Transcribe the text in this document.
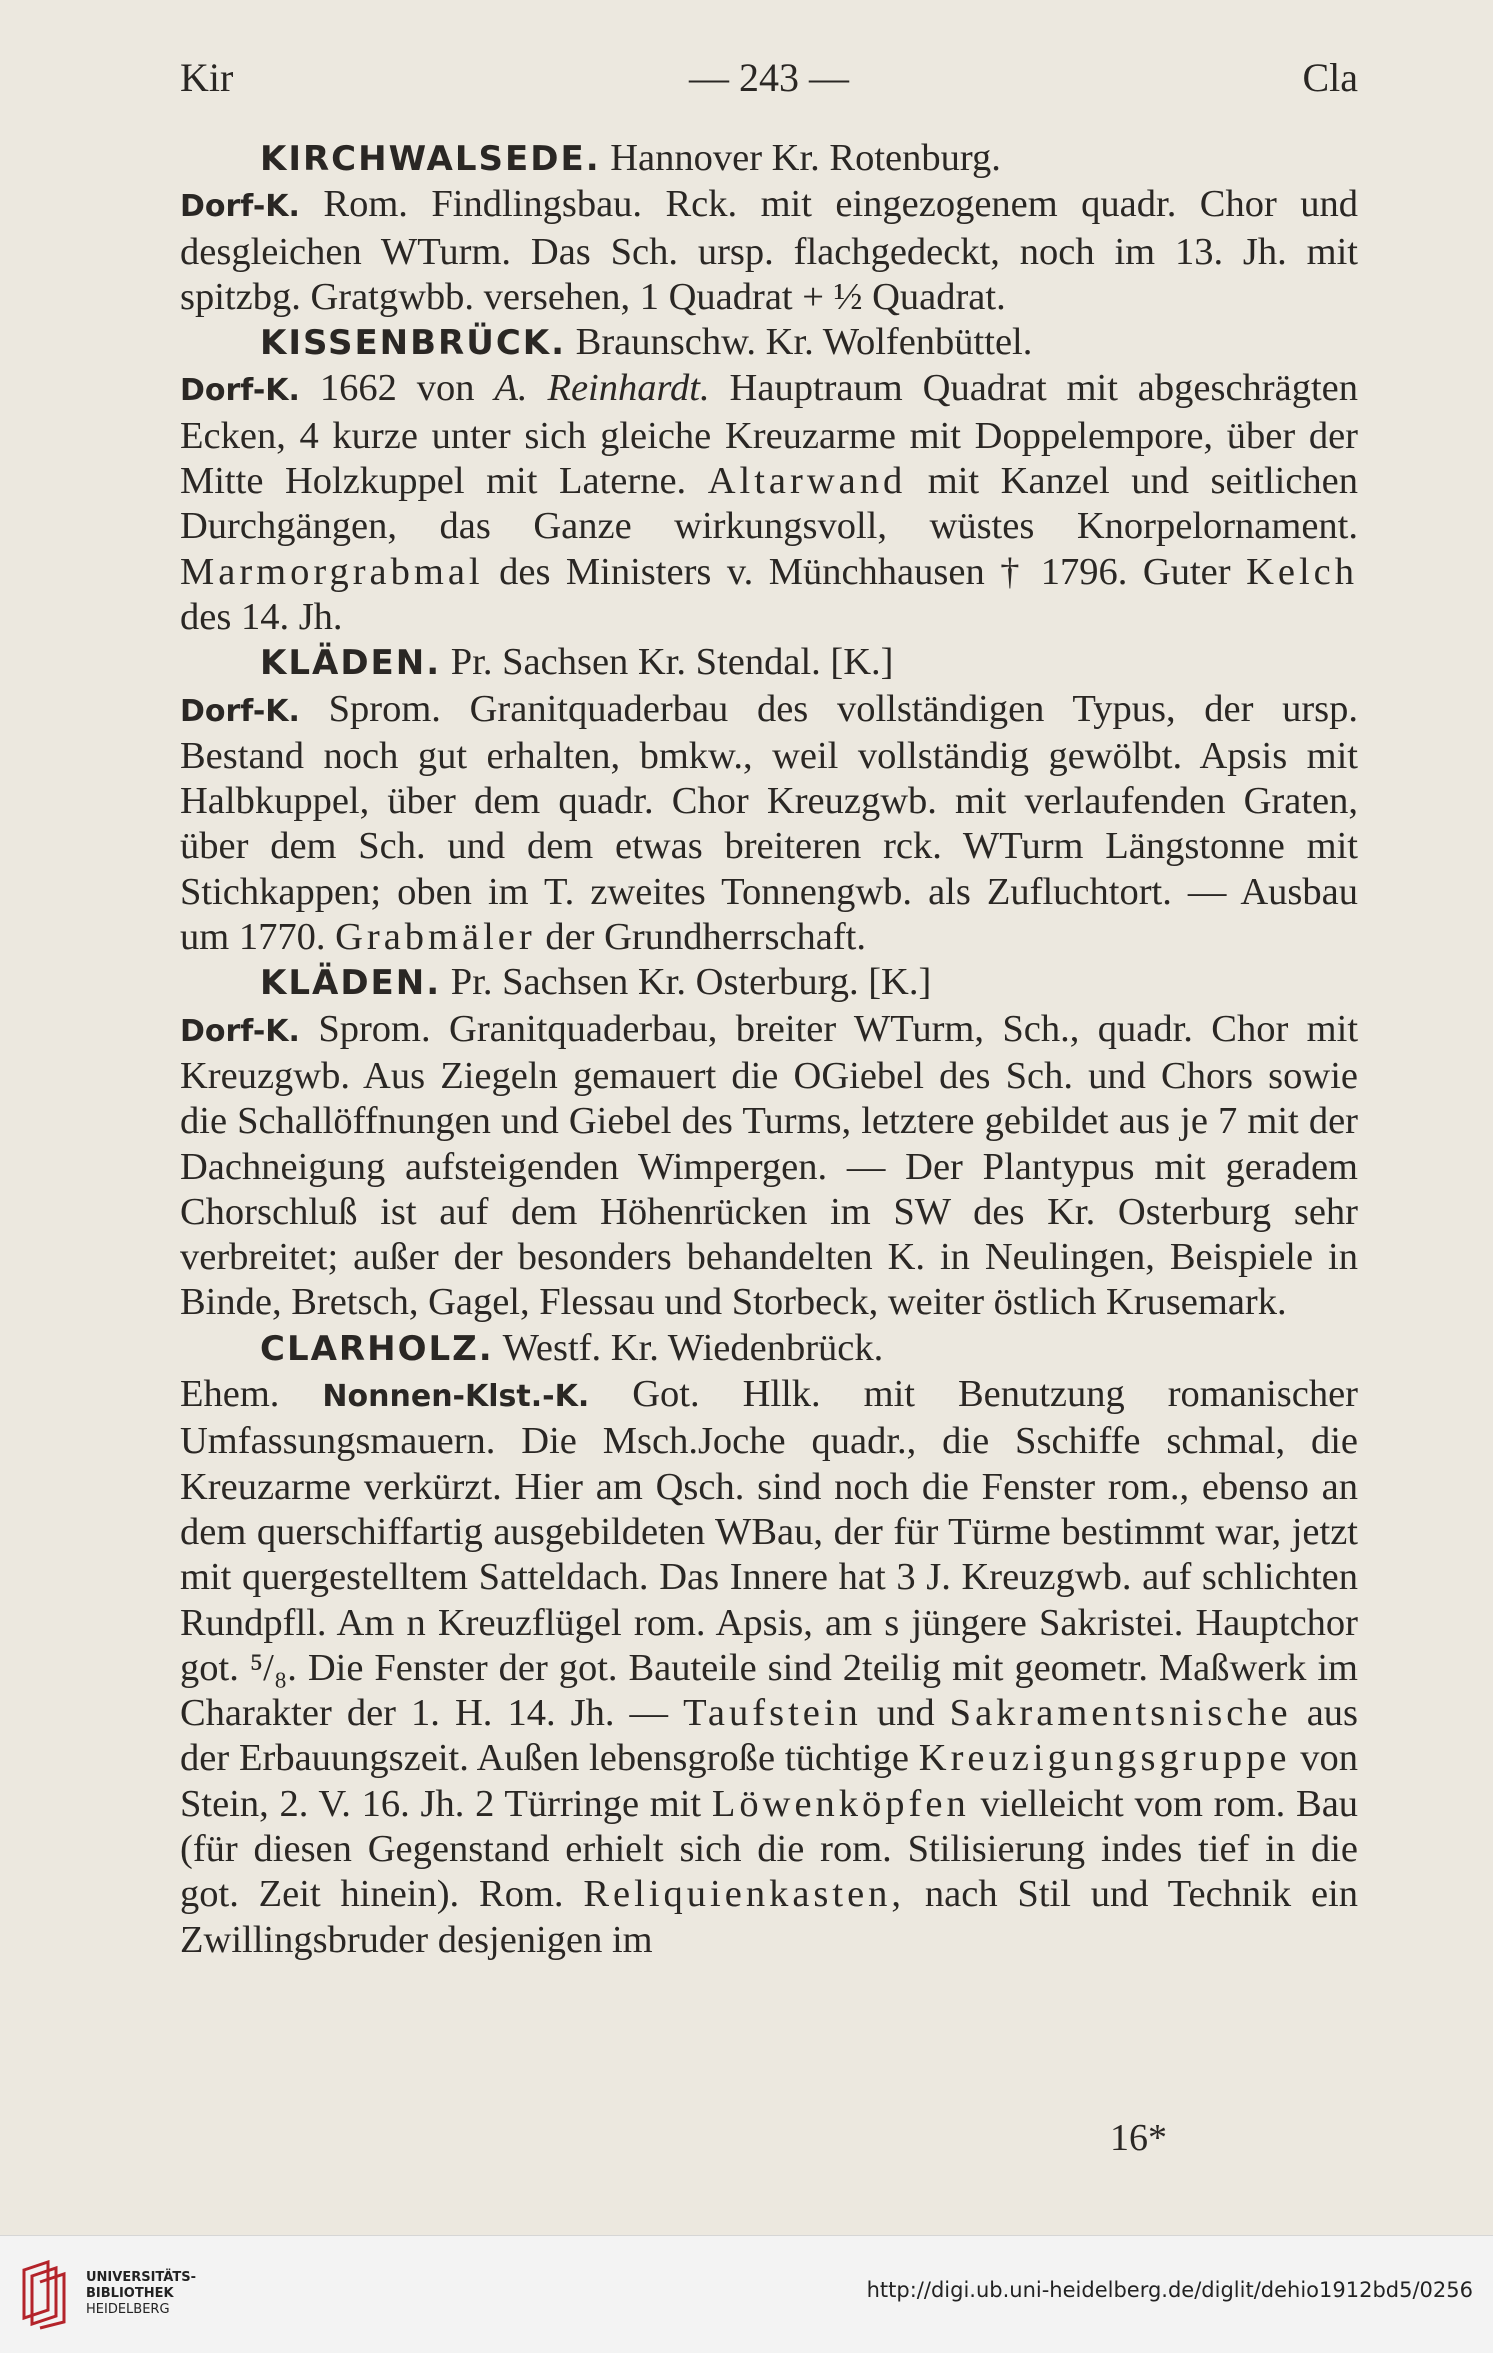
Kir	— 243 —	Cla

KIRCHWALSEDE. Hannover Kr. Rotenburg.

Dorf-K. Rom. Findlingsbau. Rck. mit eingezogenem quadr. Chor und desgleichen WTurm. Das Sch. ursp. flachgedeckt, noch im 13. Jh. mit spitzbg. Gratgwbb. versehen, 1 Quadrat + ½ Quadrat.

KISSENBRÜCK. Braunschw. Kr. Wolfenbüttel.

Dorf-K. 1662 von A. Reinhardt. Hauptraum Quadrat mit abgeschrägten Ecken, 4 kurze unter sich gleiche Kreuzarme mit Doppelempore, über der Mitte Holzkuppel mit Laterne. Altarwand mit Kanzel und seitlichen Durchgängen, das Ganze wirkungsvoll, wüstes Knorpelornament. Marmorgrabmal des Ministers v. Münchhausen † 1796. Guter Kelch des 14. Jh.

KLÄDEN. Pr. Sachsen Kr. Stendal. [K.]

Dorf-K. Sprom. Granitquaderbau des vollständigen Typus, der ursp. Bestand noch gut erhalten, bmkw., weil vollständig gewölbt. Apsis mit Halbkuppel, über dem quadr. Chor Kreuzgwb. mit verlaufenden Graten, über dem Sch. und dem etwas breiteren rck. WTurm Längstonne mit Stichkappen; oben im T. zweites Tonnengwb. als Zufluchtort. — Ausbau um 1770. Grabmäler der Grundherrschaft.

KLÄDEN. Pr. Sachsen Kr. Osterburg. [K.]

Dorf-K. Sprom. Granitquaderbau, breiter WTurm, Sch., quadr. Chor mit Kreuzgwb. Aus Ziegeln gemauert die OGiebel des Sch. und Chors sowie die Schallöffnungen und Giebel des Turms, letztere gebildet aus je 7 mit der Dachneigung aufsteigenden Wimpergen. — Der Plantypus mit geradem Chorschluß ist auf dem Höhenrücken im SW des Kr. Osterburg sehr verbreitet; außer der besonders behandelten K. in Neulingen, Beispiele in Binde, Bretsch, Gagel, Flessau und Storbeck, weiter östlich Krusemark.

CLARHOLZ. Westf. Kr. Wiedenbrück.

Ehem. Nonnen-Klst.-K. Got. Hllk. mit Benutzung romanischer Umfassungsmauern. Die Msch.Joche quadr., die Sschiffe schmal, die Kreuzarme verkürzt. Hier am Qsch. sind noch die Fenster rom., ebenso an dem querschiffartig ausgebildeten WBau, der für Türme bestimmt war, jetzt mit quergestelltem Satteldach. Das Innere hat 3 J. Kreuzgwb. auf schlichten Rundpfll. Am n Kreuzflügel rom. Apsis, am s jüngere Sakristei. Hauptchor got. ⁵/₈. Die Fenster der got. Bauteile sind 2teilig mit geometr. Maßwerk im Charakter der 1. H. 14. Jh. — Taufstein und Sakramentsnische aus der Erbauungszeit. Außen lebensgroße tüchtige Kreuzigungsgruppe von Stein, 2. V. 16. Jh. 2 Türringe mit Löwenköpfen vielleicht vom rom. Bau (für diesen Gegenstand erhielt sich die rom. Stilisierung indes tief in die got. Zeit hinein). Rom. Reliquienkasten, nach Stil und Technik ein Zwillingsbruder desjenigen im

16*
UNIVERSITÄTS-
BIBLIOTHEK
HEIDELBERG
http://digi.ub.uni-heidelberg.de/diglit/dehio1912bd5/0256
